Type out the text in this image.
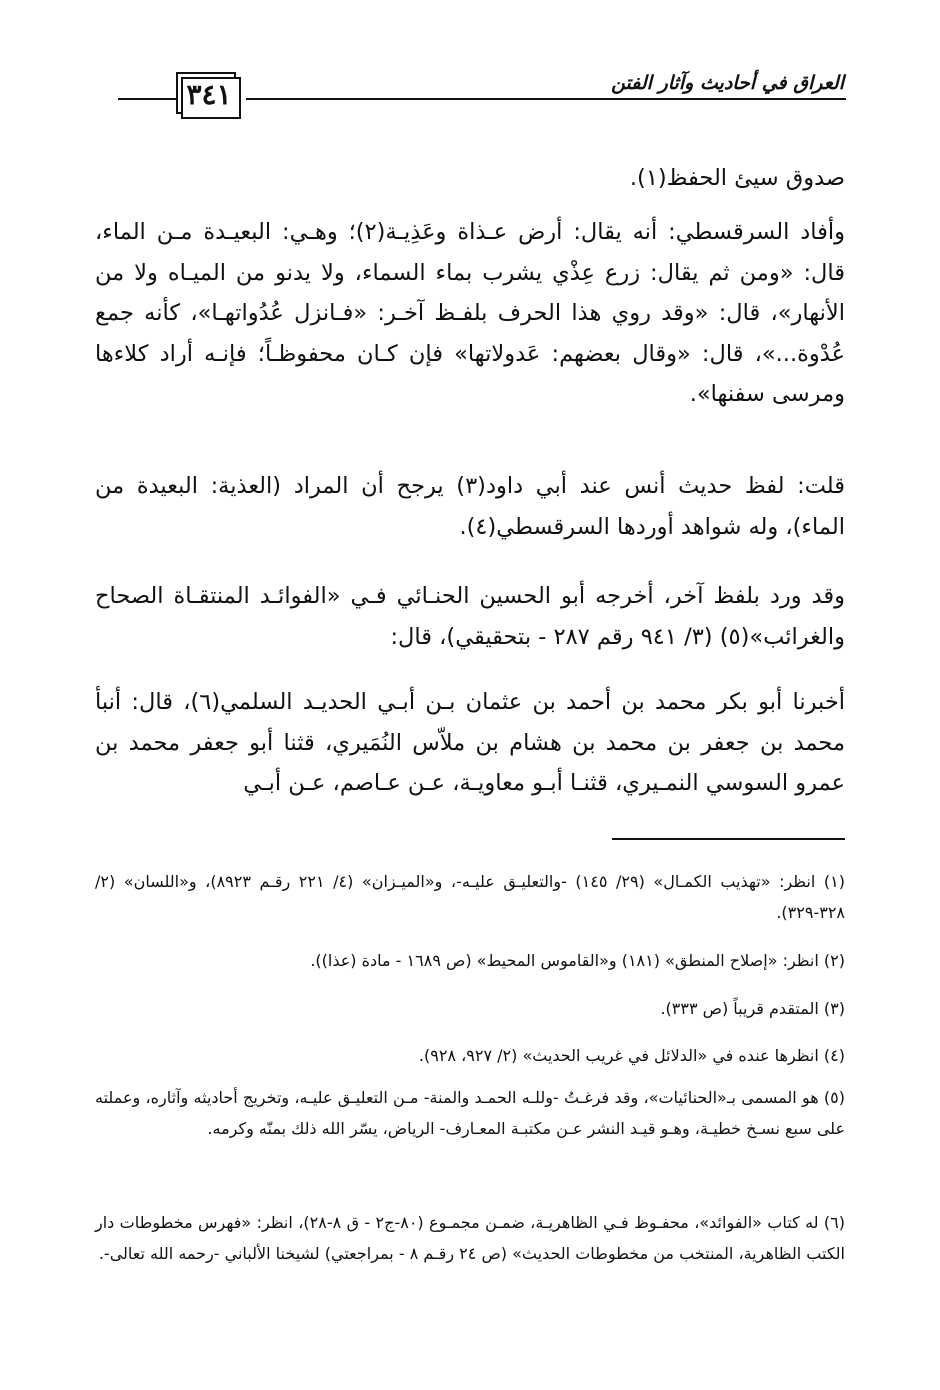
٣٤١	العراق في أحاديث وآثار الفتن
صدوق سيئ الحفظ(١).
وأفاد السرقسطي: أنه يقال: أرض عـذاة وعَذِيـة(٢)؛ وهـي: البعيـدة مـن الماء، قال: «ومن ثم يقال: زرع عِذْي يشرب بماء السماء، ولا يدنو من الميـاه ولا من الأنهار»، قال: «وقد روي هذا الحرف بلفـظ آخـر: «فـانزل عُدُواتهـا»، كأنه جمع عُدْوة...»، قال: «وقال بعضهم: عَدولاتها» فإن كـان محفوظـاً؛ فإنـه أراد كلاءها ومرسى سفنها».
قلت: لفظ حديث أنس عند أبي داود(٣) يرجح أن المراد (العذية: البعيدة من الماء)، وله شواهد أوردها السرقسطي(٤).
وقد ورد بلفظ آخر، أخرجه أبو الحسين الحنـائي فـي «الفوائـد المنتقـاة الصحاح والغرائب»(٥) (٣/ ٩٤١ رقم ٢٨٧ - بتحقيقي)، قال:
أخبرنا أبو بكر محمد بن أحمد بن عثمان بـن أبـي الحديـد السلمي(٦)، قال: أنبأ محمد بن جعفر بن محمد بن هشام بن ملاّس النُمَيري، قثنا أبو جعفر محمد بن عمرو السوسي النمـيري، قثنـا أبـو معاويـة، عـن عـاصم، عـن أبـي
(١) انظر: «تهذيب الكمـال» (٢٩/ ١٤٥) -والتعليـق عليـه-، و«الميـزان» (٤/ ٢٢١ رقـم ٨٩٢٣)، و«اللسان» (٢/ ٣٢٨-٣٢٩).
(٢) انظر: «إصلاح المنطق» (١٨١) و«القاموس المحيط» (ص ١٦٨٩ - مادة (عذا)).
(٣) المتقدم قريباً (ص ٣٣٣).
(٤) انظرها عنده في «الدلائل في غريب الحديث» (٢/ ٩٢٧، ٩٢٨).
(٥) هو المسمى بـ«الحنائيات»، وقد فرغـتُ -وللـه الحمـد والمنة- مـن التعليـق عليـه، وتخريج أحاديثه وآثاره، وعملته على سبع نسـخ خطيـة، وهـو قيـد النشر عـن مكتبـة المعـارف- الرياض، يسّر الله ذلك بمنّه وكرمه.
(٦) له كتاب «الفوائد»، محفـوظ فـي الظاهريـة، ضمـن مجمـوع (٨٠-ج٢ - ق ٨-٢٨)، انظر: «فهرس مخطوطات دار الكتب الظاهرية، المنتخب من مخطوطات الحديث» (ص ٢٤ رقـم ٨ - بمراجعتي) لشيخنا الألباني -رحمه الله تعالى-.
